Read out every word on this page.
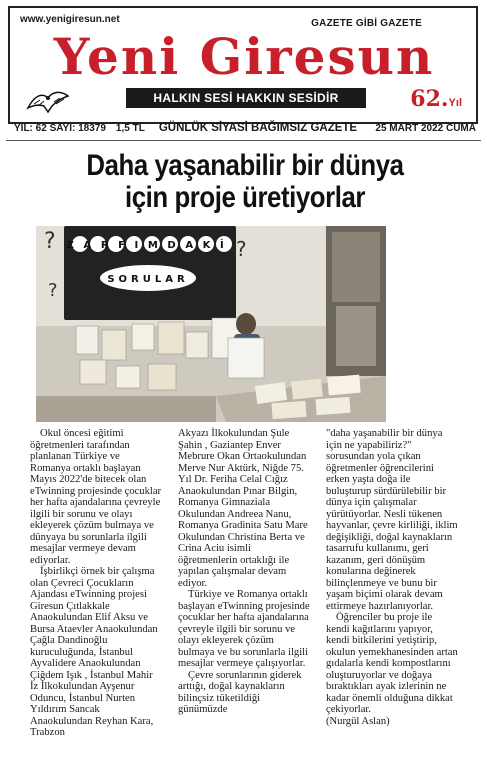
www.yenigiresun.net	GAZETE GİBİ GAZETE
Yeni Giresun
HALKIN SESİ HAKKIN SESİDİR	62.Yıl
YIL: 62 SAYI: 18379 1,5 TL GÜNLÜK SİYASİ BAĞIMSIZ GAZETE	25 MART 2022 CUMA
Daha yaşanabilir bir dünya
için proje üretiyorlar
?	?
?
ZARFIMDAKİ
SORULAR

Okul öncesi eğitimi öğretmenleri tarafından planlanan Türkiye ve Romanya ortaklı başlayan Mayıs 2022'de bitecek olan eTwinning projesinde çocuklar her hafta ajandalarına çevreyle ilgili bir sorunu ve olayı ekleyerek çözüm bulmaya ve dünyaya bu sorunlarla ilgili mesajlar vermeye devam ediyorlar.

İşbirlikçi örnek bir çalışma olan Çevreci Çocukların Ajandası eTwinning projesi Giresun Çıtlakkale Anaokulundan Elif Aksu ve Bursa Ataevler Anaokulundan Çağla Dandinoğlu kuruculuğunda, İstanbul Ayvalidere Anaokulundan Çiğdem Işık , İstanbul Mahir İz İlkokulundan Ayşenur Oduncu, İstanbul Nurten Yıldırım Sancak Anaokulundan Reyhan Kara, Trabzon

Akyazı İlkokulundan Şule Şahin , Gaziantep Enver Mebrure Okan Ortaokulundan Merve Nur Aktürk, Niğde 75. Yıl Dr. Feriha Celal Cığız Anaokulundan Pınar Bilgin, Romanya Gimnaziala Okulundan Andreea Nanu, Romanya Gradinita Satu Mare Okulundan Christina Berta ve Crina Aciu isimli öğretmenlerin ortaklığı ile yapılan çalışmalar devam ediyor.

Türkiye ve Romanya ortaklı başlayan eTwinning projesinde çocuklar her hafta ajandalarına çevreyle ilgili bir sorunu ve olayı ekleyerek çözüm bulmaya ve bu sorunlarla ilgili mesajlar vermeye çalışıyorlar.

Çevre sorunlarının giderek arttığı, doğal kaynakların bilinçsiz tüketildiği günümüzde

"daha yaşanabilir bir dünya için ne yapabiliriz?" sorusundan yola çıkan öğretmenler öğrencilerini erken yaşta doğa ile buluşturup sürdürülebilir bir dünya için çalışmalar yürütüyorlar. Nesli tükenen hayvanlar, çevre kirliliği, iklim değişikliği, doğal kaynakların tasarrufu kullanımı, geri kazanım, geri dönüşüm konularına değinerek bilinçlenmeye ve bunu bir yaşam biçimi olarak devam ettirmeye hazırlanıyorlar.

Öğrenciler bu proje ile kendi kağıtlarını yapıyor, kendi bitkilerini yetiştirip, okulun yemekhanesinden artan gıdalarla kendi kompostlarını oluşturuyorlar ve doğaya bıraktıkları ayak izlerinin ne kadar önemli olduğuna dikkat çekiyorlar.

(Nurgül Aslan)
